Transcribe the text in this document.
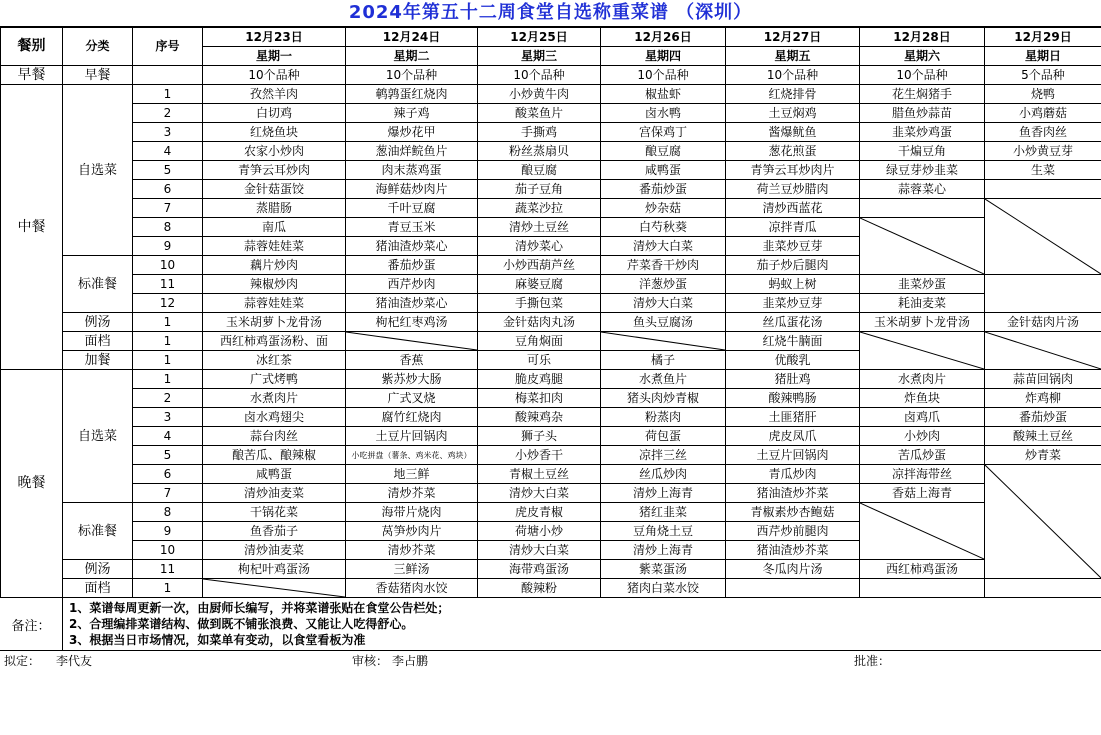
2024年第五十二周食堂自选称重菜谱 （深圳）
餐别	分类	序号	12月23日	12月24日	12月25日	12月26日	12月27日	12月28日	12月29日	
			星期一	星期二	星期三	星期四	星期五	星期六	星期日	
早餐	早餐		10个品种	10个品种	10个品种	10个品种	10个品种	10个品种	5个品种	
中餐	自选菜	1	孜然羊肉	鹌鹑蛋红烧肉	小炒黄牛肉	椒盐虾	红烧排骨	花生焖猪手	烧鸭	
		2	白切鸡	辣子鸡	酸菜鱼片	卤水鸭	土豆焖鸡	腊鱼炒蒜苗	小鸡蘑菇	
		3	红烧鱼块	爆炒花甲	手撕鸡	宫保鸡丁	酱爆鱿鱼	韭菜炒鸡蛋	鱼香肉丝	
		4	农家小炒肉	葱油烊鲩鱼片	粉丝蒸扇贝	酿豆腐	葱花煎蛋	干煸豆角	小炒黄豆芽	
		5	青笋云耳炒肉	肉末蒸鸡蛋	酿豆腐	咸鸭蛋	青笋云耳炒肉片	绿豆芽炒韭菜	生菜	
		6	金针菇蛋饺	海鲜菇炒肉片	茄子豆角	番茄炒蛋	荷兰豆炒腊肉	蒜蓉菜心		
		7	蒸腊肠	千叶豆腐	蔬菜沙拉	炒杂菇	清炒西蓝花		

		8	南瓜	青豆玉米	清炒土豆丝	白芍秋葵	凉拌青瓜	

		9	蒜蓉娃娃菜	猪油渣炒菜心	清炒菜心	清炒大白菜	韭菜炒豆芽			
	标准餐	10	藕片炒肉	番茄炒蛋	小炒西葫芦丝	芹菜香干炒肉	茄子炒后腿肉	

		11	辣椒炒肉	西芹炒肉	麻婆豆腐	洋葱炒蛋	蚂蚁上树	韭菜炒蛋		
		12	蒜蓉娃娃菜	猪油渣炒菜心	手撕包菜	清炒大白菜	韭菜炒豆芽	耗油麦菜		
	例汤	1	玉米胡萝卜龙骨汤	枸杞红枣鸡汤	金针菇肉丸汤	鱼头豆腐汤	丝瓜蛋花汤	玉米胡萝卜龙骨汤	金针菇肉片汤	
	面档	1	西红柿鸡蛋汤粉、面		豆角焖面		红烧牛腩面	

	加餐	1	冰红茶	香蕉	可乐	橘子	优酸乳			
晚餐	自选菜	1	广式烤鸭	紫苏炒大肠	脆皮鸡腿	水煮鱼片	猪肚鸡	水煮肉片	蒜苗回锅肉	
		2	水煮肉片	广式叉烧	梅菜扣肉	猪头肉炒青椒	酸辣鸭肠	炸鱼块	炸鸡柳	
		3	卤水鸡翅尖	腐竹红烧肉	酸辣鸡杂	粉蒸肉	土匪猪肝	卤鸡爪	番茄炒蛋	
		4	蒜台肉丝	土豆片回锅肉	狮子头	荷包蛋	虎皮凤爪	小炒肉	酸辣土豆丝	
		5	酿苦瓜、酿辣椒	小吃拼盘（薯条、鸡米花、鸡块）	小炒香干	凉拌三丝	土豆片回锅肉	苦瓜炒蛋	炒青菜	
		6	咸鸭蛋	地三鲜	青椒土豆丝	丝瓜炒肉	青瓜炒肉	凉拌海带丝	

		7	清炒油麦菜	清炒芥菜	清炒大白菜	清炒上海青	猪油渣炒芥菜	香菇上海青		
	标准餐	8	干锅花菜	海带片烧肉	虎皮青椒	猪红韭菜	青椒素炒杏鲍菇	

		9	鱼香茄子	莴笋炒肉片	荷塘小炒	豆角烧土豆	西芹炒前腿肉			
		10	清炒油麦菜	清炒芥菜	清炒大白菜	清炒上海青	猪油渣炒芥菜			
	例汤	11	枸杞叶鸡蛋汤	三鲜汤	海带鸡蛋汤	紫菜蛋汤	冬瓜肉片汤	西红柿鸡蛋汤		
	面档	1		香菇猪肉水饺	酸辣粉	猪肉白菜水饺				
备注：
1、菜谱每周更新一次，由厨师长编写，并将菜谱张贴在食堂公告栏处；
2、合理编排菜谱结构、做到既不铺张浪费、又能让人吃得舒心。
3、根据当日市场情况，如菜单有变动，以食堂看板为准
拟定：	李代友	审核： 李占鹏	批准：
